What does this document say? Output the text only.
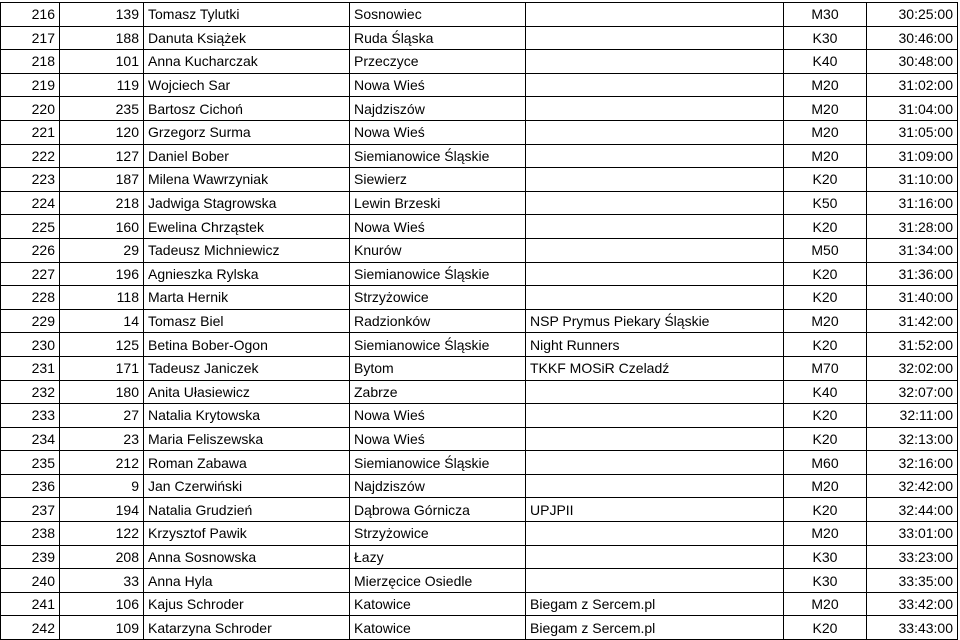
216	139	Tomasz Tylutki	Sosnowiec		M30	30:25:00
217	188	Danuta Książek	Ruda Śląska		K30	30:46:00
218	101	Anna Kucharczak	Przeczyce		K40	30:48:00
219	119	Wojciech Sar	Nowa Wieś		M20	31:02:00
220	235	Bartosz Cichoń	Najdziszów		M20	31:04:00
221	120	Grzegorz Surma	Nowa Wieś		M20	31:05:00
222	127	Daniel Bober	Siemianowice Śląskie		M20	31:09:00
223	187	Milena Wawrzyniak	Siewierz		K20	31:10:00
224	218	Jadwiga Stagrowska	Lewin Brzeski		K50	31:16:00
225	160	Ewelina Chrząstek	Nowa Wieś		K20	31:28:00
226	29	Tadeusz Michniewicz	Knurów		M50	31:34:00
227	196	Agnieszka Rylska	Siemianowice Śląskie		K20	31:36:00
228	118	Marta Hernik	Strzyżowice		K20	31:40:00
229	14	Tomasz Biel	Radzionków	NSP Prymus Piekary Śląskie	M20	31:42:00
230	125	Betina Bober-Ogon	Siemianowice Śląskie	Night Runners	K20	31:52:00
231	171	Tadeusz Janiczek	Bytom	TKKF MOSiR Czeladź	M70	32:02:00
232	180	Anita Ułasiewicz	Zabrze		K40	32:07:00
233	27	Natalia Krytowska	Nowa Wieś		K20	32:11:00
234	23	Maria Feliszewska	Nowa Wieś		K20	32:13:00
235	212	Roman Zabawa	Siemianowice Śląskie		M60	32:16:00
236	9	Jan Czerwiński	Najdziszów		M20	32:42:00
237	194	Natalia Grudzień	Dąbrowa Górnicza	UPJPII	K20	32:44:00
238	122	Krzysztof Pawik	Strzyżowice		M20	33:01:00
239	208	Anna Sosnowska	Łazy		K30	33:23:00
240	33	Anna Hyla	Mierzęcice Osiedle		K30	33:35:00
241	106	Kajus Schroder	Katowice	Biegam z Sercem.pl	M20	33:42:00
242	109	Katarzyna Schroder	Katowice	Biegam z Sercem.pl	K20	33:43:00
